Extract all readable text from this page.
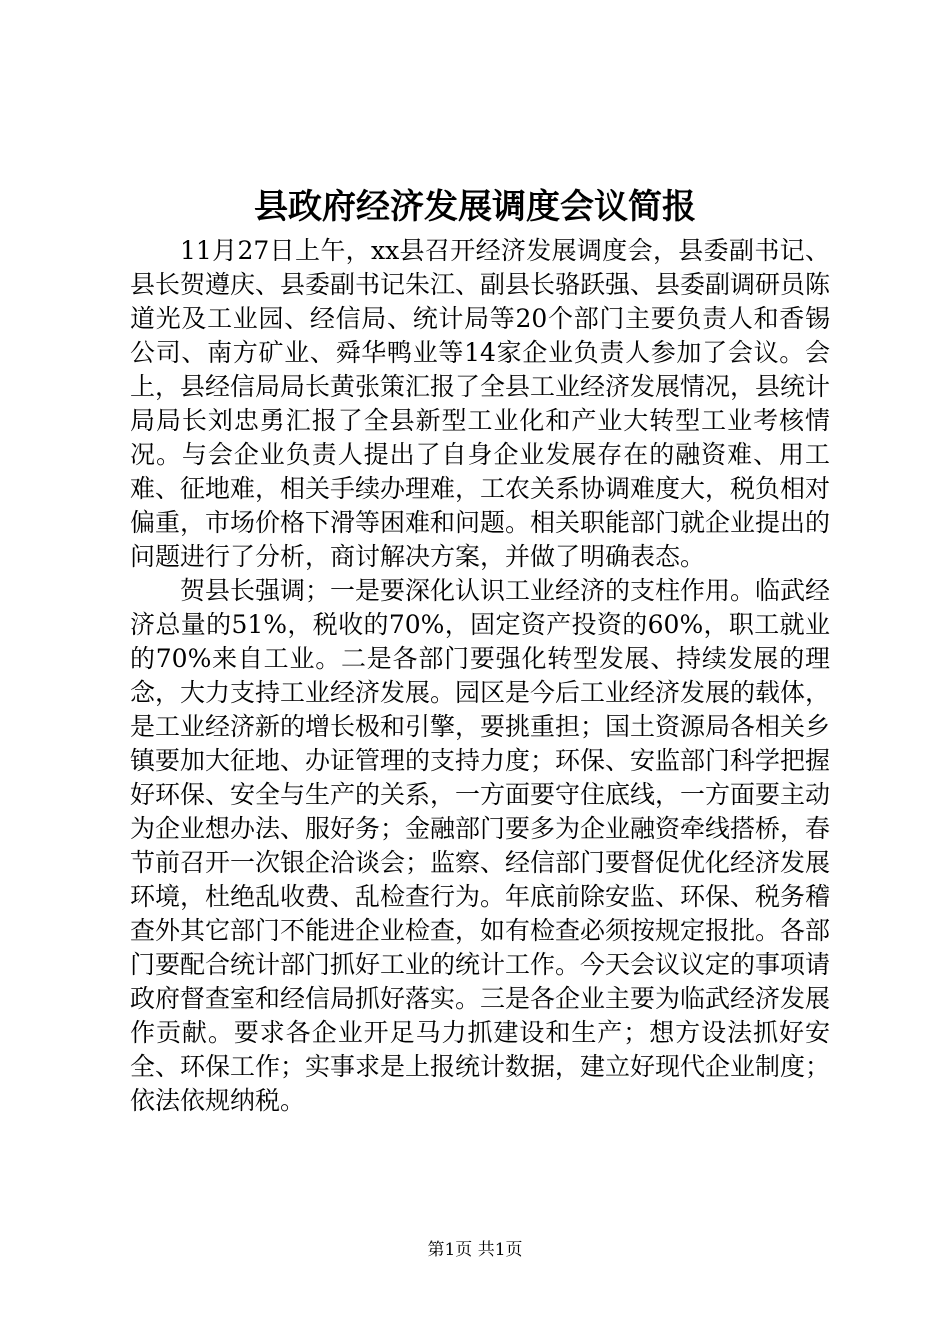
县政府经济发展调度会议简报

11月27日上午，xx县召开经济发展调度会，县委副书记、县长贺遵庆、县委副书记朱江、副县长骆跃强、县委副调研员陈道光及工业园、经信局、统计局等20个部门主要负责人和香锡公司、南方矿业、舜华鸭业等14家企业负责人参加了会议。会上，县经信局局长黄张策汇报了全县工业经济发展情况，县统计局局长刘忠勇汇报了全县新型工业化和产业大转型工业考核情况。与会企业负责人提出了自身企业发展存在的融资难、用工难、征地难，相关手续办理难，工农关系协调难度大，税负相对偏重，市场价格下滑等困难和问题。相关职能部门就企业提出的问题进行了分析，商讨解决方案，并做了明确表态。

贺县长强调；一是要深化认识工业经济的支柱作用。临武经济总量的51%，税收的70%，固定资产投资的60%，职工就业的70%来自工业。二是各部门要强化转型发展、持续发展的理念，大力支持工业经济发展。园区是今后工业经济发展的载体，是工业经济新的增长极和引擎，要挑重担；国土资源局各相关乡镇要加大征地、办证管理的支持力度；环保、安监部门科学把握好环保、安全与生产的关系，一方面要守住底线，一方面要主动为企业想办法、服好务；金融部门要多为企业融资牵线搭桥，春节前召开一次银企洽谈会；监察、经信部门要督促优化经济发展环境，杜绝乱收费、乱检查行为。年底前除安监、环保、税务稽查外其它部门不能进企业检查，如有检查必须按规定报批。各部门要配合统计部门抓好工业的统计工作。今天会议议定的事项请政府督查室和经信局抓好落实。三是各企业主要为临武经济发展作贡献。要求各企业开足马力抓建设和生产；想方设法抓好安全、环保工作；实事求是上报统计数据，建立好现代企业制度；依法依规纳税。

第1页 共1页
